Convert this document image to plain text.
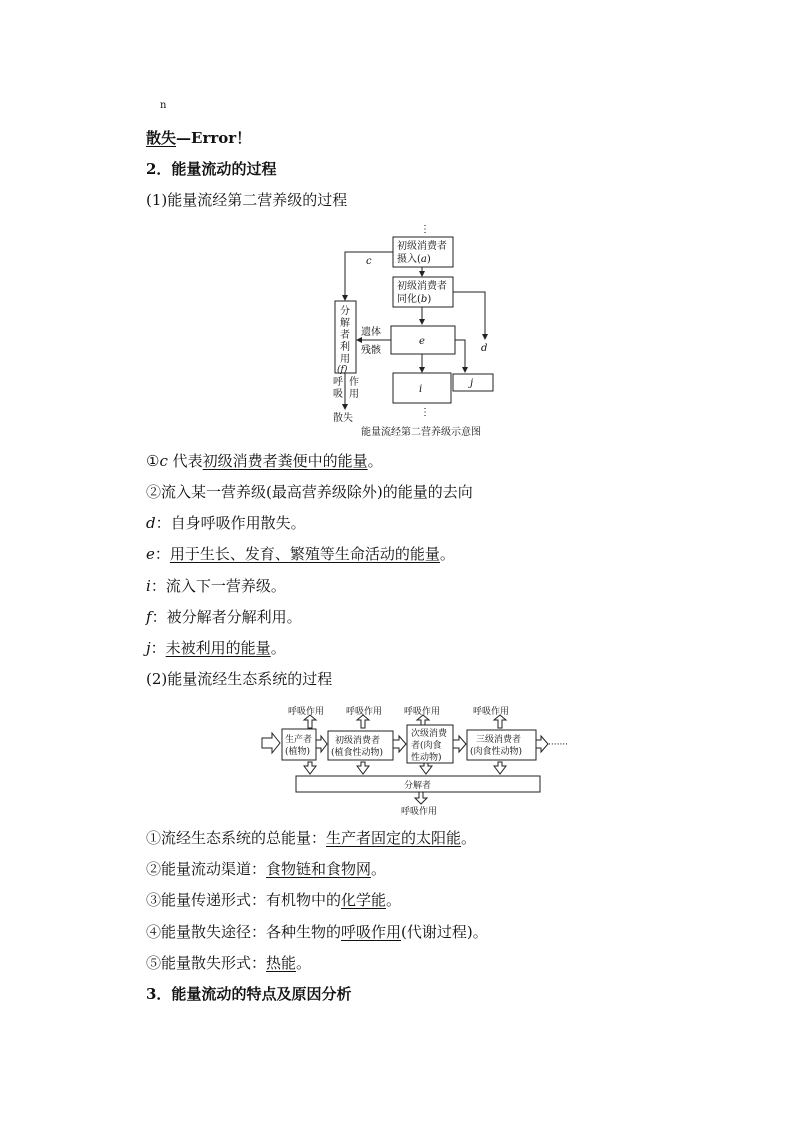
n
散失—Error！
2．能量流动的过程
(1)能量流经第二营养级的过程
⋮
初级消费者
摄入(a)
初级消费者
同化(b)
c
d
分
解
者
利
用
(f)
e
遗体
残骸
i
j
呼
吸
作
用
散失
⋮
能量流经第二营养级示意图
①c 代表初级消费者粪便中的能量。
②流入某一营养级(最高营养级除外)的能量的去向
d：自身呼吸作用散失。
e：用于生长、发育、繁殖等生命活动的能量。
i：流入下一营养级。
f：被分解者分解利用。
j：未被利用的能量。
(2)能量流经生态系统的过程
呼吸作用 呼吸作用 呼吸作用	呼吸作用
生产者
(植物)
初级消费者
(植食性动物)
次级消费
者(肉食
性动物)
三级消费者
(肉食性动物)
·······
分解者
呼吸作用
①流经生态系统的总能量：生产者固定的太阳能。
②能量流动渠道：食物链和食物网。
③能量传递形式：有机物中的化学能。
④能量散失途径：各种生物的呼吸作用(代谢过程)。
⑤能量散失形式：热能。
3．能量流动的特点及原因分析
